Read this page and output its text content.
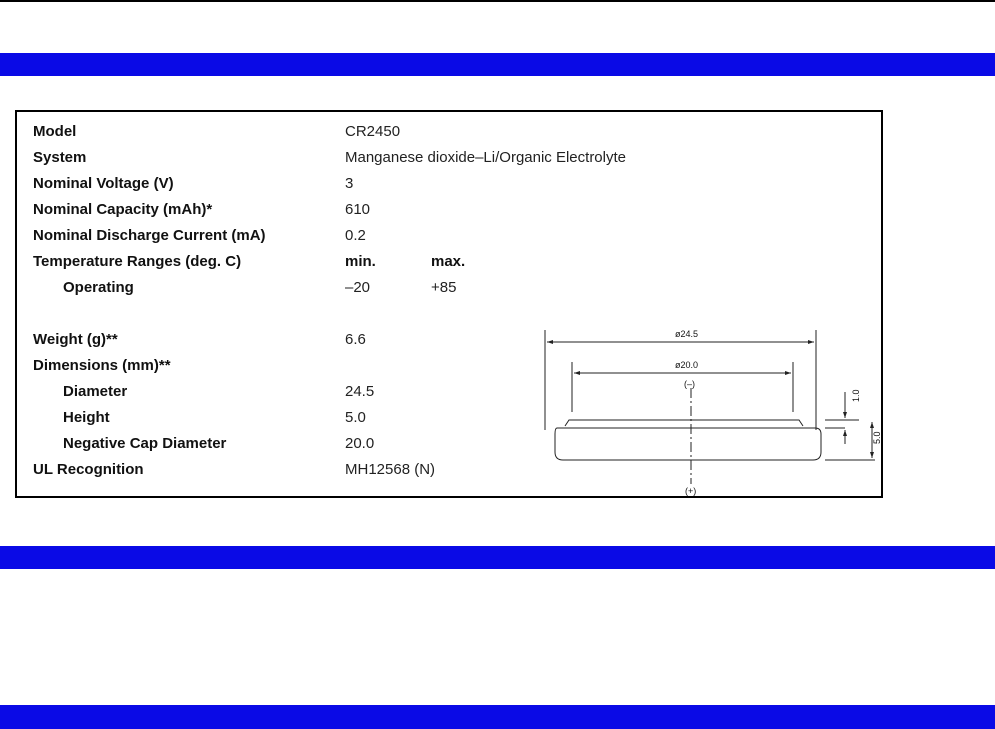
Model	CR2450
System	Manganese dioxide–Li/Organic Electrolyte
Nominal Voltage (V)	3
Nominal Capacity (mAh)*	610
Nominal Discharge Current (mA)	0.2
Temperature Ranges (deg. C)	min.	max.
Operating	–20	+85
Weight (g)**	6.6
Dimensions (mm)**
Diameter	24.5
Height	5.0
Negative Cap Diameter	20.0
UL Recognition	MH12568 (N)
ø24.5
ø20.0
(–)
(+)
1.0
5.0
